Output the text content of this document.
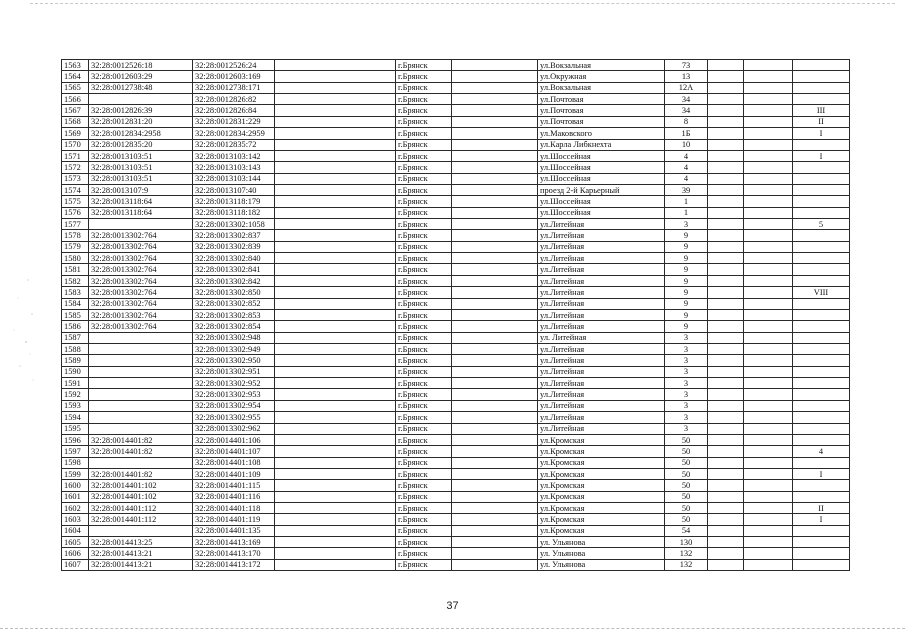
1563	32:28:0012526:18	32:28:0012526:24		г.Брянск		ул.Вокзальная	73			
1564	32:28:0012603:29	32:28:0012603:169		г.Брянск		ул.Окружная	13			
1565	32:28:0012738:48	32:28:0012738:171		г.Брянск		ул.Вокзальная	12А			
1566		32:28:0012826:82		г.Брянск		ул.Почтовая	34			
1567	32:28:0012826:39	32:28:0012826:84		г.Брянск		ул.Почтовая	34			III
1568	32:28:0012831:20	32:28:0012831:229		г.Брянск		ул.Почтовая	8			II
1569	32:28:0012834:2958	32:28:0012834:2959		г.Брянск		ул.Маковского	1Б			I
1570	32:28:0012835:20	32:28:0012835:72		г.Брянск		ул.Карла Либкнехта	10			
1571	32:28:0013103:51	32:28:0013103:142		г.Брянск		ул.Шоссейная	4			I
1572	32:28:0013103:51	32:28:0013103:143		г.Брянск		ул.Шоссейная	4			
1573	32:28:0013103:51	32:28:0013103:144		г.Брянск		ул.Шоссейная	4			
1574	32:28:0013107:9	32:28:0013107:40		г.Брянск		проезд 2-й Карьерный	39			
1575	32:28:0013118:64	32:28:0013118:179		г.Брянск		ул.Шоссейная	1			
1576	32:28:0013118:64	32:28:0013118:182		г.Брянск		ул.Шоссейная	1			
1577		32:28:0013302:1058		г.Брянск		ул.Литейная	3			5
1578	32:28:0013302:764	32:28:0013302:837		г.Брянск		ул.Литейная	9			
1579	32:28:0013302:764	32:28:0013302:839		г.Брянск		ул.Литейная	9			
1580	32:28:0013302:764	32:28:0013302:840		г.Брянск		ул.Литейная	9			
1581	32:28:0013302:764	32:28:0013302:841		г.Брянск		ул.Литейная	9			
1582	32:28:0013302:764	32:28:0013302:842		г.Брянск		ул.Литейная	9			
1583	32:28:0013302:764	32:28:0013302:850		г.Брянск		ул.Литейная	9			VIII
1584	32:28:0013302:764	32:28:0013302:852		г.Брянск		ул.Литейная	9			
1585	32:28:0013302:764	32:28:0013302:853		г.Брянск		ул.Литейная	9			
1586	32:28:0013302:764	32:28:0013302:854		г.Брянск		ул.Литейная	9			
1587		32:28:0013302:948		г.Брянск		ул. Литейная	3			
1588		32:28:0013302:949		г.Брянск		ул.Литейная	3			
1589		32:28:0013302:950		г.Брянск		ул.Литейная	3			
1590		32:28:0013302:951		г.Брянск		ул.Литейная	3			
1591		32:28:0013302:952		г.Брянск		ул.Литейная	3			
1592		32:28:0013302:953		г.Брянск		ул.Литейная	3			
1593		32:28:0013302:954		г.Брянск		ул.Литейная	3			
1594		32:28:0013302:955		г.Брянск		ул.Литейная	3			
1595		32:28:0013302:962		г.Брянск		ул.Литейная	3			
1596	32:28:0014401:82	32:28:0014401:106		г.Брянск		ул.Кромская	50			
1597	32:28:0014401:82	32:28:0014401:107		г.Брянск		ул.Кромская	50			4
1598		32:28:0014401:108		г.Брянск		ул.Кромская	50			
1599	32:28:0014401:82	32:28:0014401:109		г.Брянск		ул.Кромская	50			I
1600	32:28:0014401:102	32:28:0014401:115		г.Брянск		ул.Кромская	50			
1601	32:28:0014401:102	32:28:0014401:116		г.Брянск		ул.Кромская	50			
1602	32:28:0014401:112	32:28:0014401:118		г.Брянск		ул.Кромская	50			II
1603	32:28:0014401:112	32:28:0014401:119		г.Брянск		ул.Кромская	50			I
1604		32:28:0014401:135		г.Брянск		ул.Кромская	54			
1605	32:28:0014413:25	32:28:0014413:169		г.Брянск		ул. Ульянова	130			
1606	32:28:0014413:21	32:28:0014413:170		г.Брянск		ул. Ульянова	132			
1607	32:28:0014413:21	32:28:0014413:172		г.Брянск		ул. Ульянова	132			
37
